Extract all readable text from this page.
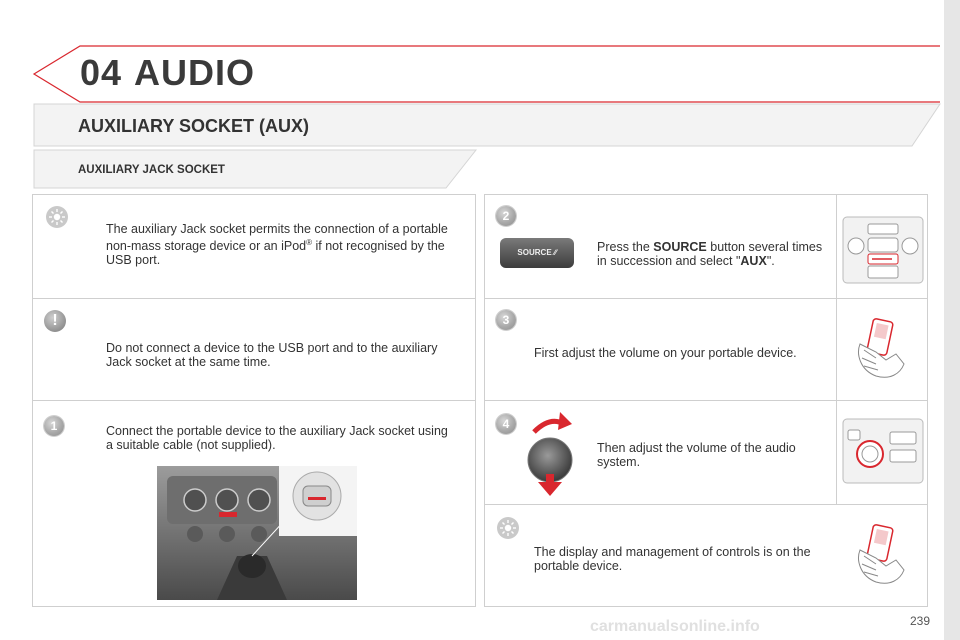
04 AUDIO
AUXILIARY SOCKET (AUX)
AUXILIARY JACK SOCKET
The auxiliary Jack socket permits the connection of a portable
non-mass storage device or an iPod® if not recognised by the
USB port.
!
Do not connect a device to the USB port and to the auxiliary
Jack socket at the same time.
1	Connect the portable device to the auxiliary Jack socket using
a suitable cable (not supplied).
2
SOURCE ∕∕	Press the SOURCE button several times
in succession and select "AUX".
3
First adjust the volume on your portable device.
4
Then adjust the volume of the audio
system.
The display and management of controls is on the
portable device.
carmanualsonline.info	239
